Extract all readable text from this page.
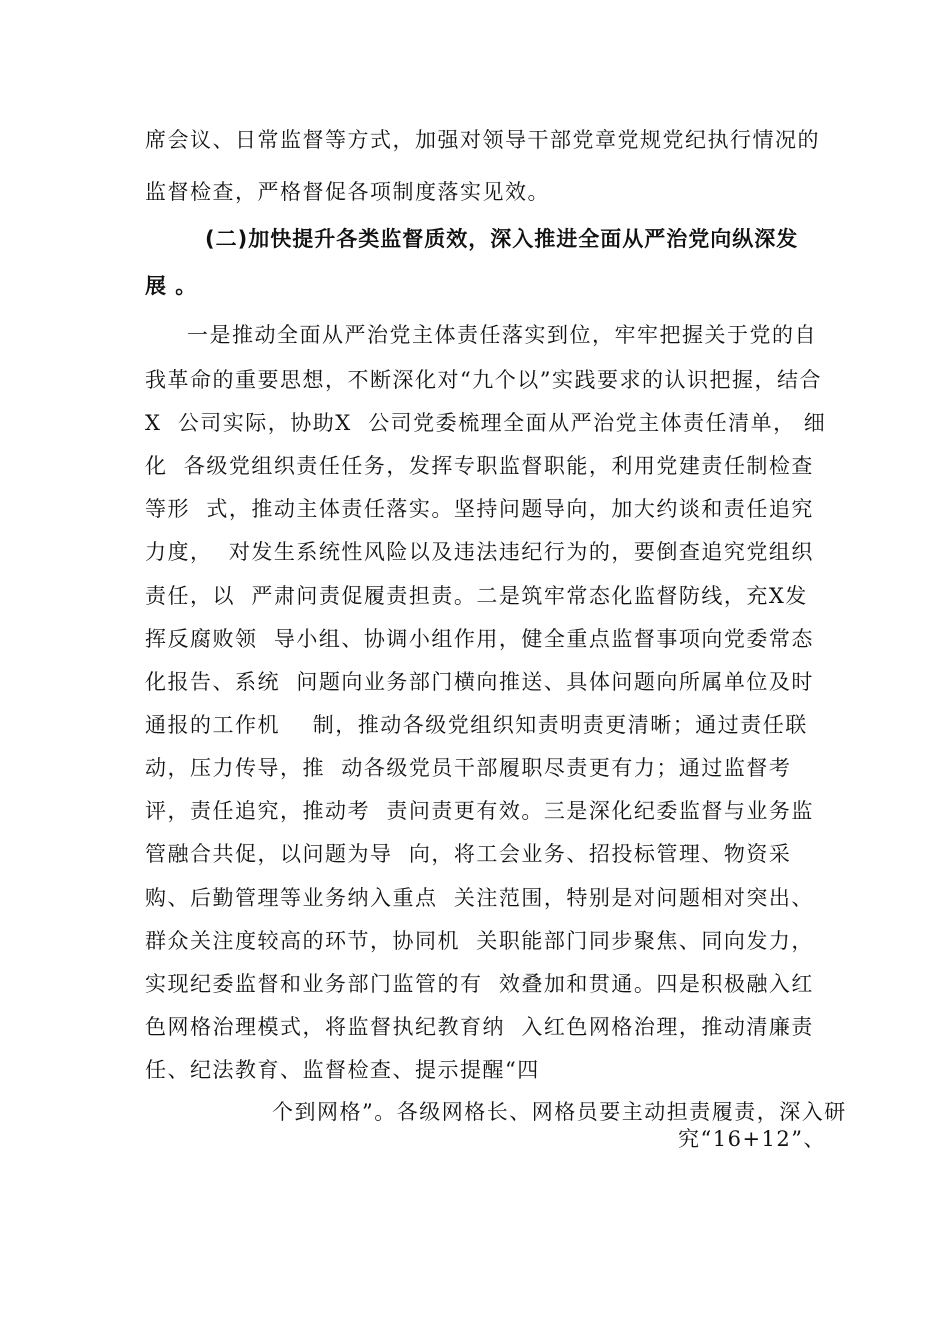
席会议、日常监督等方式，加强对领导干部党章党规党纪执行情况的
监督检查，严格督促各项制度落实见效。
(二)加快提升各类监督质效，深入推进全面从严治党向纵深发
展 。
一是推动全面从严治党主体责任落实到位，牢牢把握关于党的自
我革命的重要思想，不断深化对“九个以”实践要求的认识把握，结合
X  公司实际，协助X  公司党委梳理全面从严治党主体责任清单， 细
化  各级党组织责任任务，发挥专职监督职能，利用党建责任制检查
等形  式，推动主体责任落实。坚持问题导向，加大约谈和责任追究
力度，  对发生系统性风险以及违法违纪行为的，要倒查追究党组织
责任，以  严肃问责促履责担责。二是筑牢常态化监督防线，充X发
挥反腐败领  导小组、协调小组作用，健全重点监督事项向党委常态
化报告、系统  问题向业务部门横向推送、具体问题向所属单位及时
通报的工作机    制，推动各级党组织知责明责更清晰；通过责任联
动，压力传导，推  动各级党员干部履职尽责更有力；通过监督考
评，责任追究，推动考  责问责更有效。三是深化纪委监督与业务监
管融合共促，以问题为导  向，将工会业务、招投标管理、物资采
购、后勤管理等业务纳入重点  关注范围，特别是对问题相对突出、
群众关注度较高的环节，协同机  关职能部门同步聚焦、同向发力，
实现纪委监督和业务部门监管的有  效叠加和贯通。四是积极融入红
色网格治理模式，将监督执纪教育纳  入红色网格治理，推动清廉责
任、纪法教育、监督检查、提示提醒“四
个到网格”。各级网格长、网格员要主动担责履责，深入研
究“16+12”、
